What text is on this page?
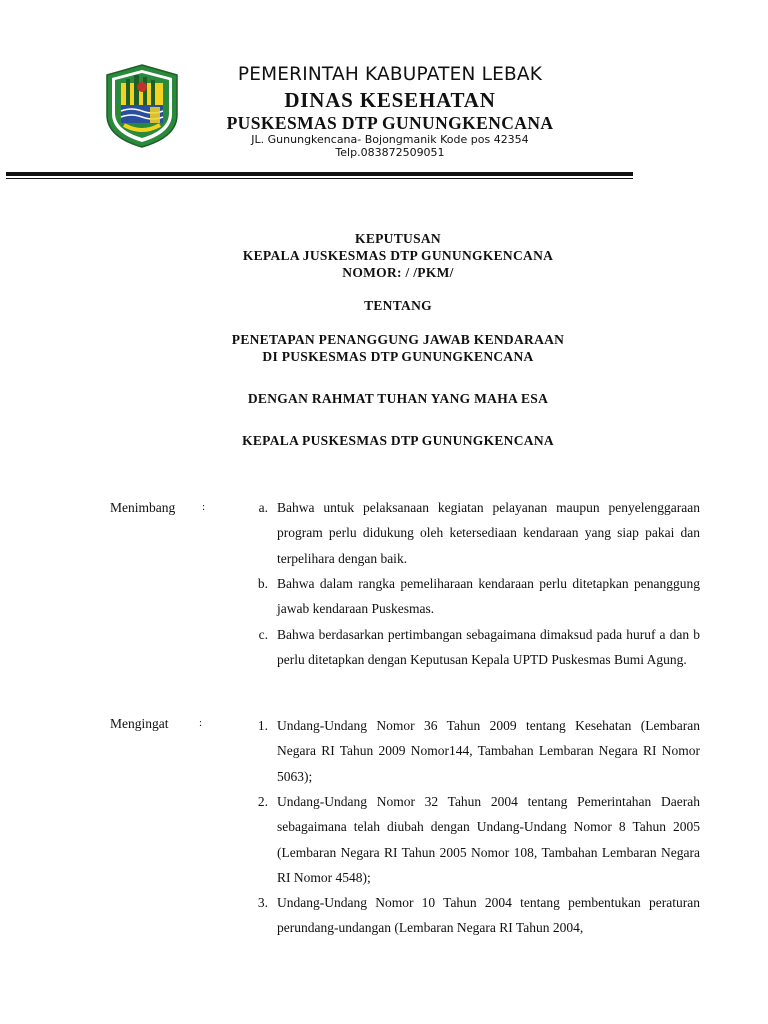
PEMERINTAH KABUPATEN LEBAK
DINAS KESEHATAN
PUSKESMAS DTP GUNUNGKENCANA
JL. Gunungkencana- Bojongmanik Kode pos 42354
Telp.083872509051
KEPUTUSAN
KEPALA JUSKESMAS DTP GUNUNGKENCANA
NOMOR: / /PKM/
TENTANG
PENETAPAN PENANGGUNG JAWAB KENDARAAN
DI PUSKESMAS DTP GUNUNGKENCANA
DENGAN RAHMAT TUHAN YANG MAHA ESA
KEPALA PUSKESMAS DTP GUNUNGKENCANA
Menimbang :	a. Bahwa untuk pelaksanaan kegiatan pelayanan maupun penyelenggaraan program perlu didukung oleh ketersediaan kendaraan yang siap pakai dan terpelihara dengan baik.
b. Bahwa dalam rangka pemeliharaan kendaraan perlu ditetapkan penanggung jawab kendaraan Puskesmas.
c. Bahwa berdasarkan pertimbangan sebagaimana dimaksud pada huruf a dan b perlu ditetapkan dengan Keputusan Kepala UPTD Puskesmas Bumi Agung.
Mengingat	:	1. Undang-Undang Nomor 36 Tahun 2009 tentang Kesehatan (Lembaran Negara RI Tahun 2009 Nomor144, Tambahan Lembaran Negara RI Nomor 5063);
2. Undang-Undang Nomor 32 Tahun 2004 tentang Pemerintahan Daerah sebagaimana telah diubah dengan Undang-Undang Nomor 8 Tahun 2005 (Lembaran Negara RI Tahun 2005 Nomor 108, Tambahan Lembaran Negara RI Nomor 4548);
3. Undang-Undang Nomor 10 Tahun 2004 tentang pembentukan peraturan perundang-undangan (Lembaran Negara RI Tahun 2004,
